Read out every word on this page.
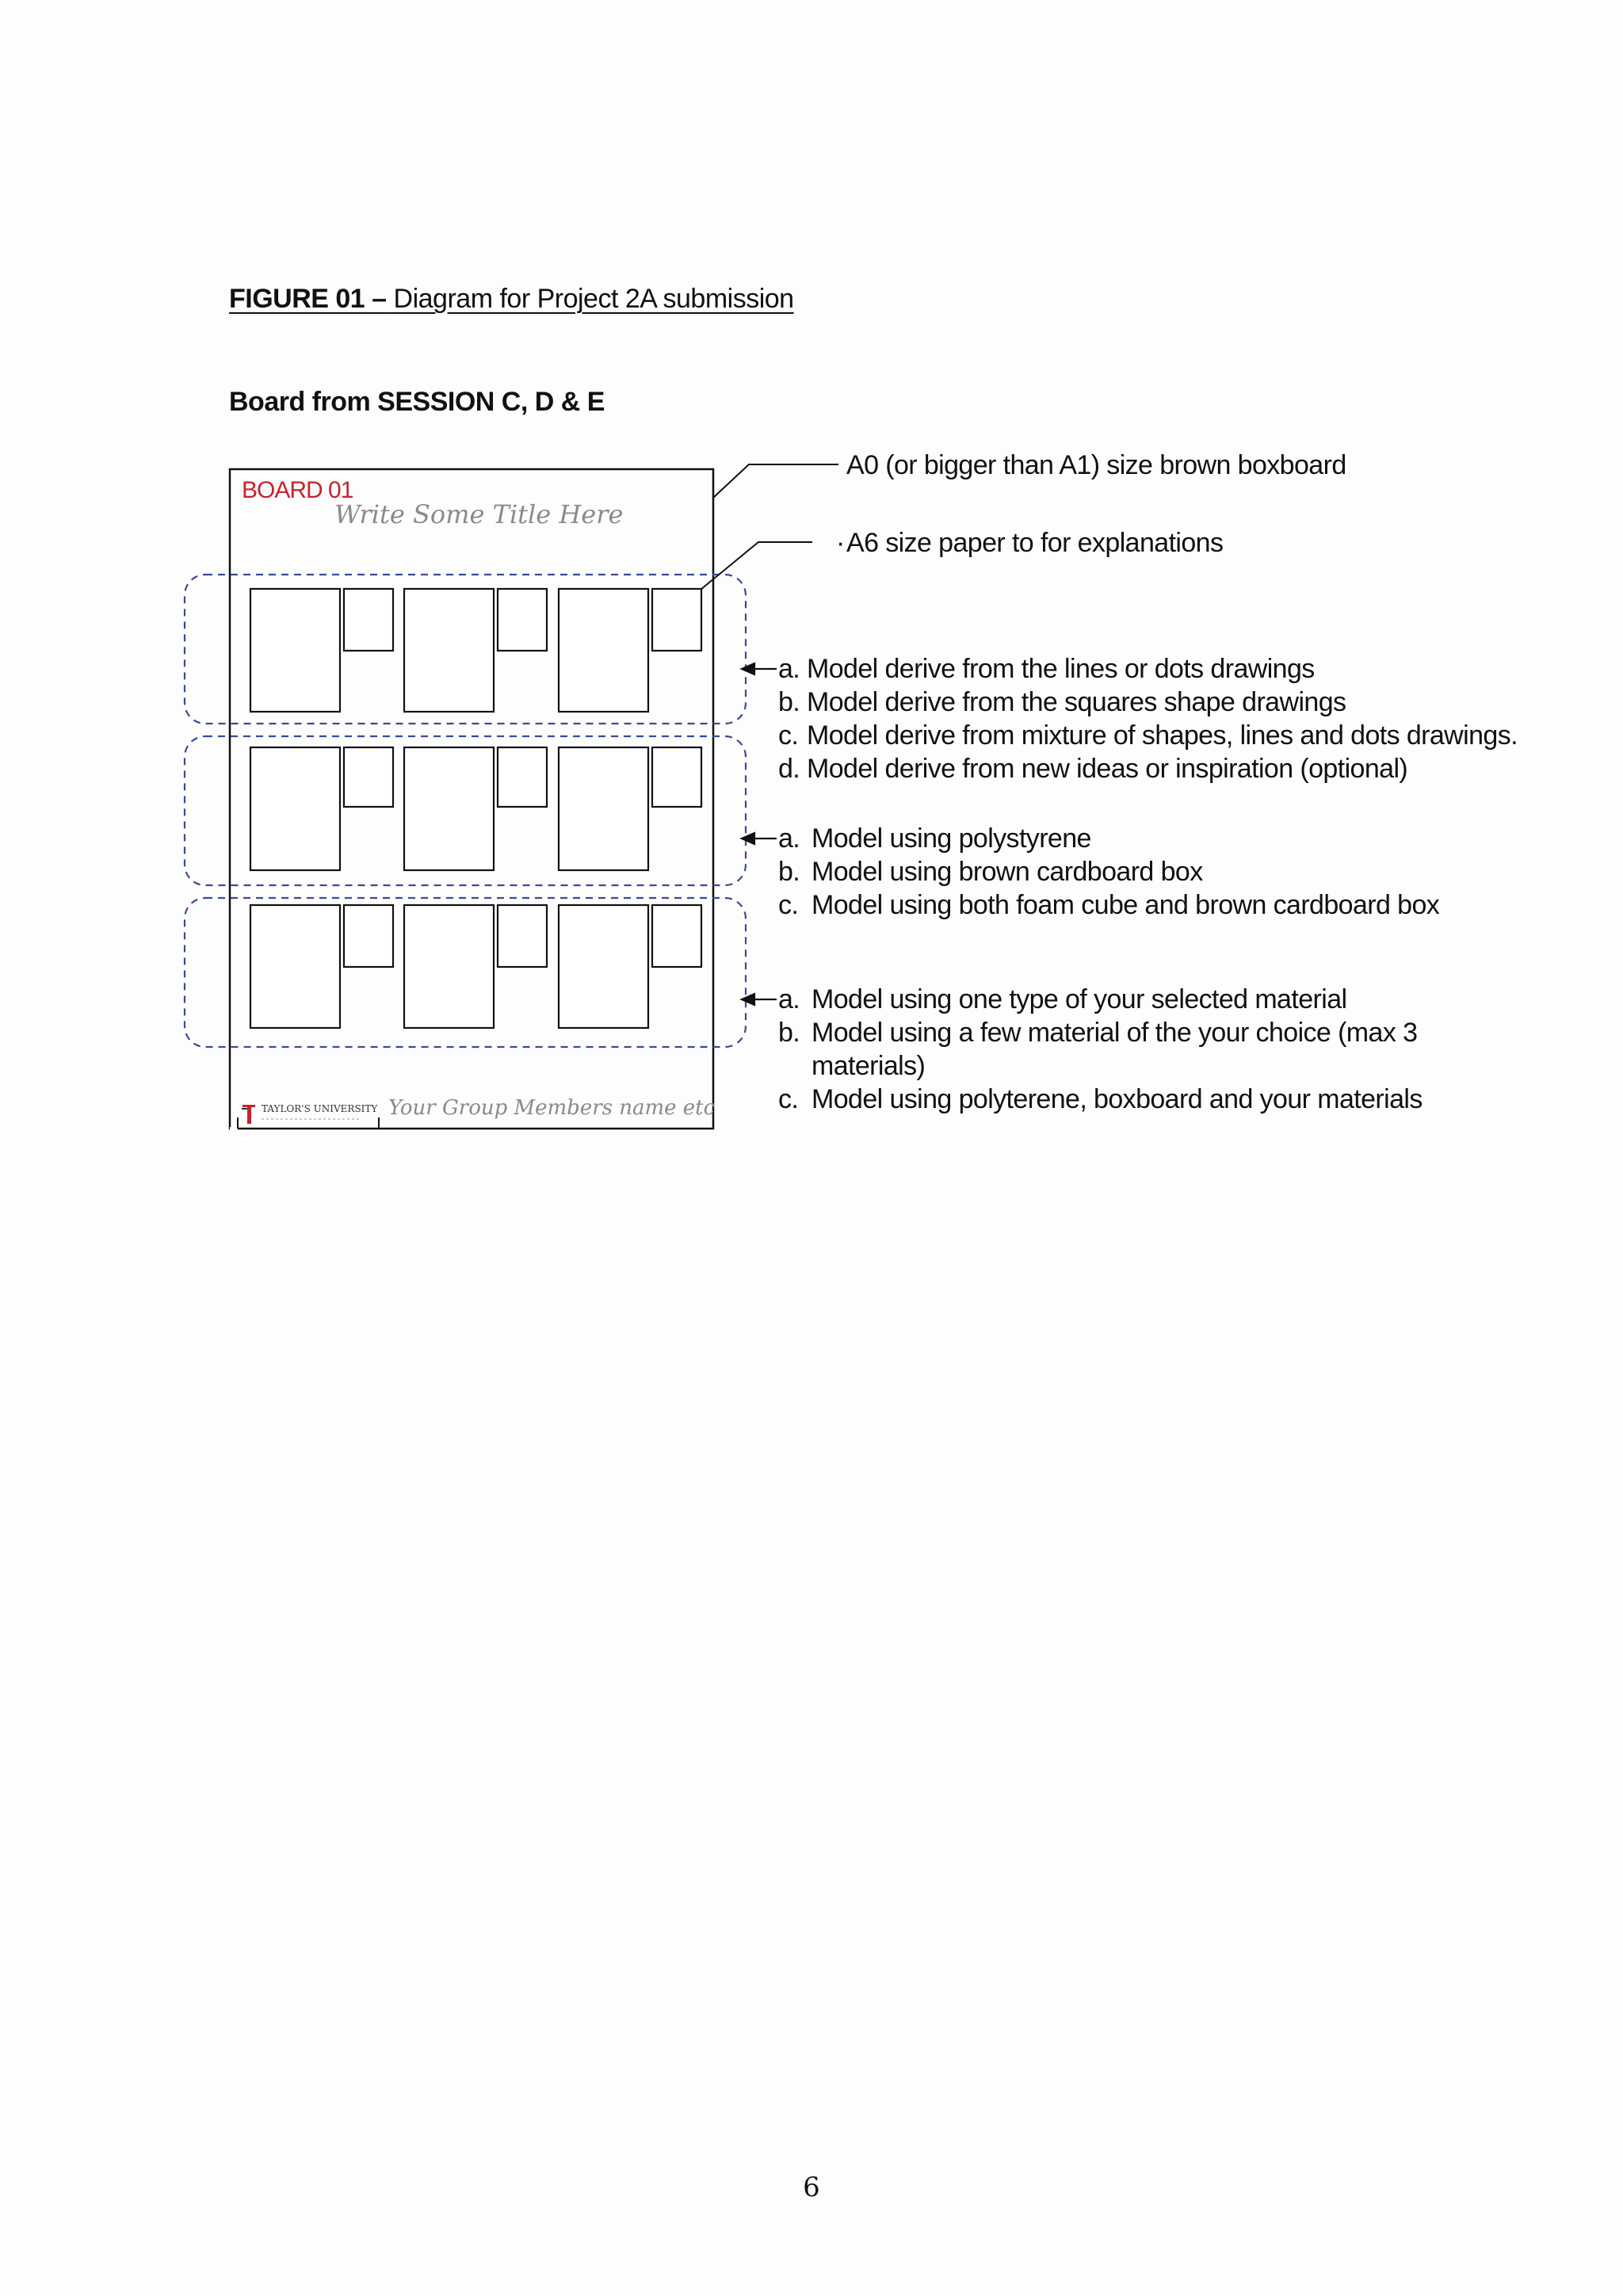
FIGURE 01 – Diagram for Project 2A submission
Board from SESSION C, D & E
BOARD 01
Write Some Title Here
TAYLOR'S UNIVERSITY Your Group Members name etc
A0 (or bigger than A1) size brown boxboard
· A6 size paper to for explanations
a. Model derive from the lines or dots drawings
b. Model derive from the squares shape drawings
c. Model derive from mixture of shapes, lines and dots drawings.
d. Model derive from new ideas or inspiration (optional)
a. Model using polystyrene
b. Model using brown cardboard box
c. Model using both foam cube and brown cardboard box
a. Model using one type of your selected material
b. Model using a few material of the your choice (max 3
materials)
c. Model using polyterene, boxboard and your materials
6
